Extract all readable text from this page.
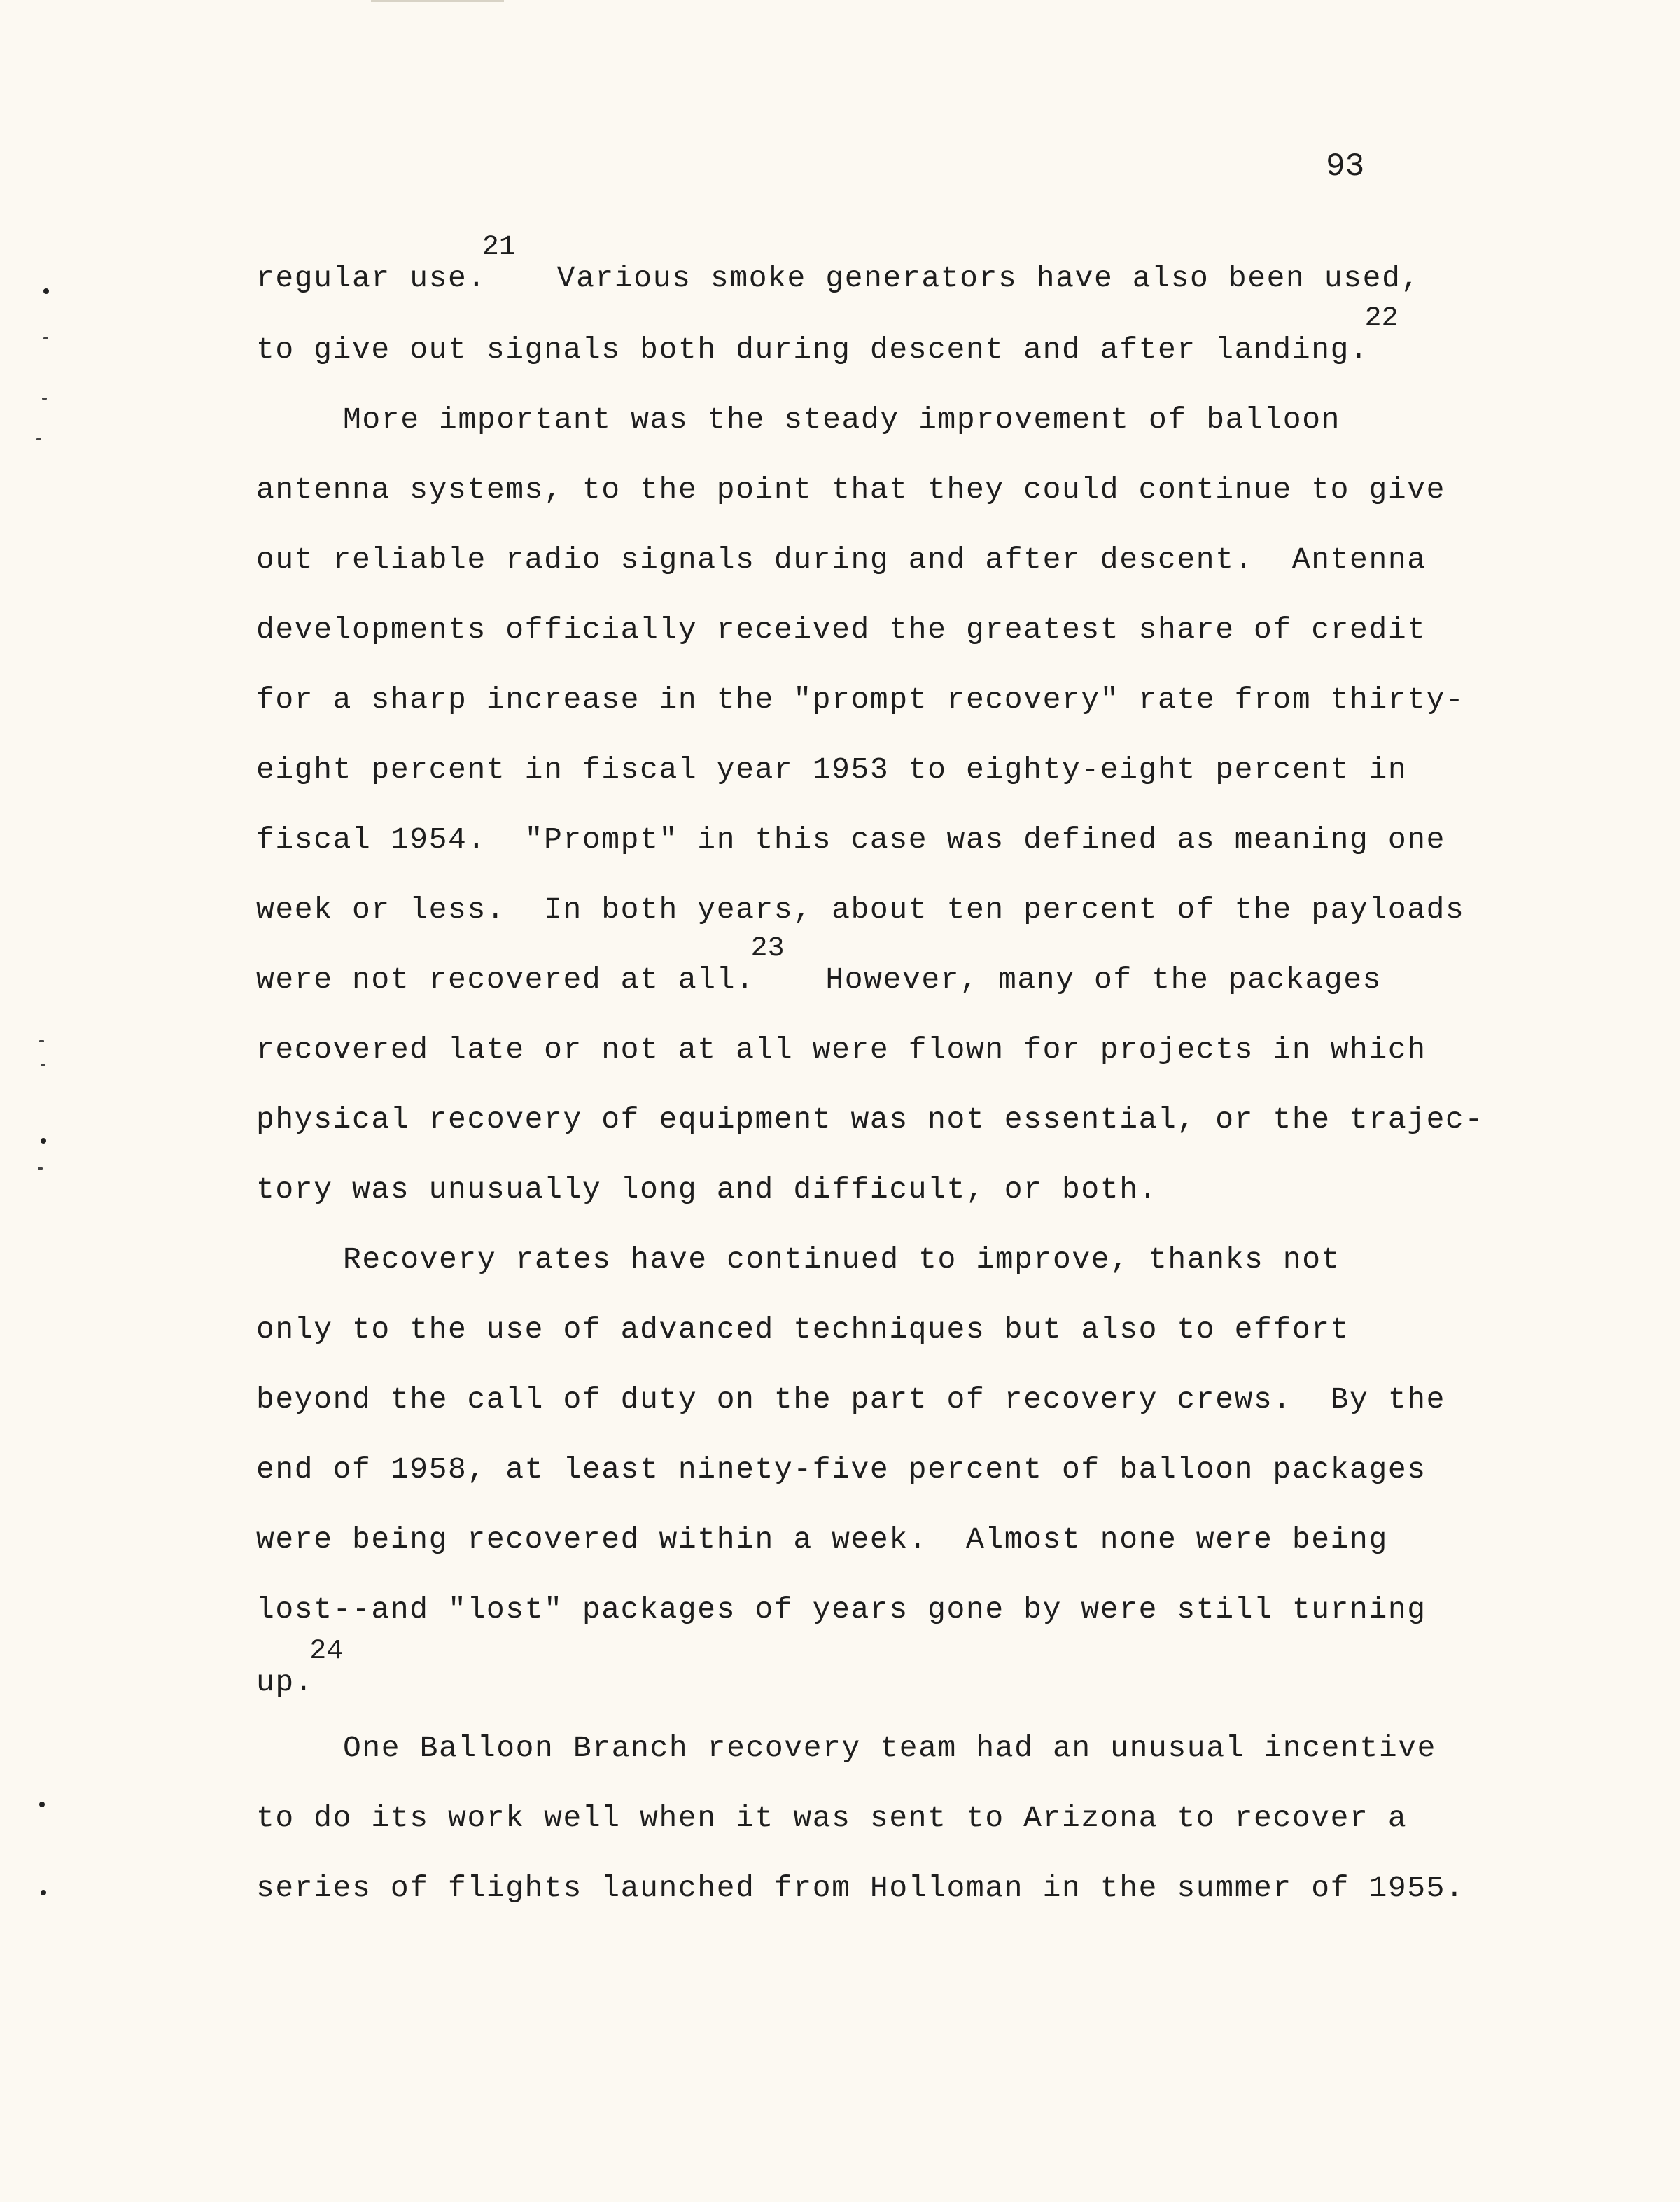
93
regular use.21  Various smoke generators have also been used,
to give out signals both during descent and after landing.22
More important was the steady improvement of balloon
antenna systems, to the point that they could continue to give
out reliable radio signals during and after descent.  Antenna
developments officially received the greatest share of credit
for a sharp increase in the "prompt recovery" rate from thirty-
eight percent in fiscal year 1953 to eighty-eight percent in
fiscal 1954.  "Prompt" in this case was defined as meaning one
week or less.  In both years, about ten percent of the payloads
were not recovered at all.23  However, many of the packages
recovered late or not at all were flown for projects in which
physical recovery of equipment was not essential, or the trajec-
tory was unusually long and difficult, or both.
Recovery rates have continued to improve, thanks not
only to the use of advanced techniques but also to effort
beyond the call of duty on the part of recovery crews.  By the
end of 1958, at least ninety-five percent of balloon packages
were being recovered within a week.  Almost none were being
lost--and "lost" packages of years gone by were still turning
up.24
One Balloon Branch recovery team had an unusual incentive
to do its work well when it was sent to Arizona to recover a
series of flights launched from Holloman in the summer of 1955.
